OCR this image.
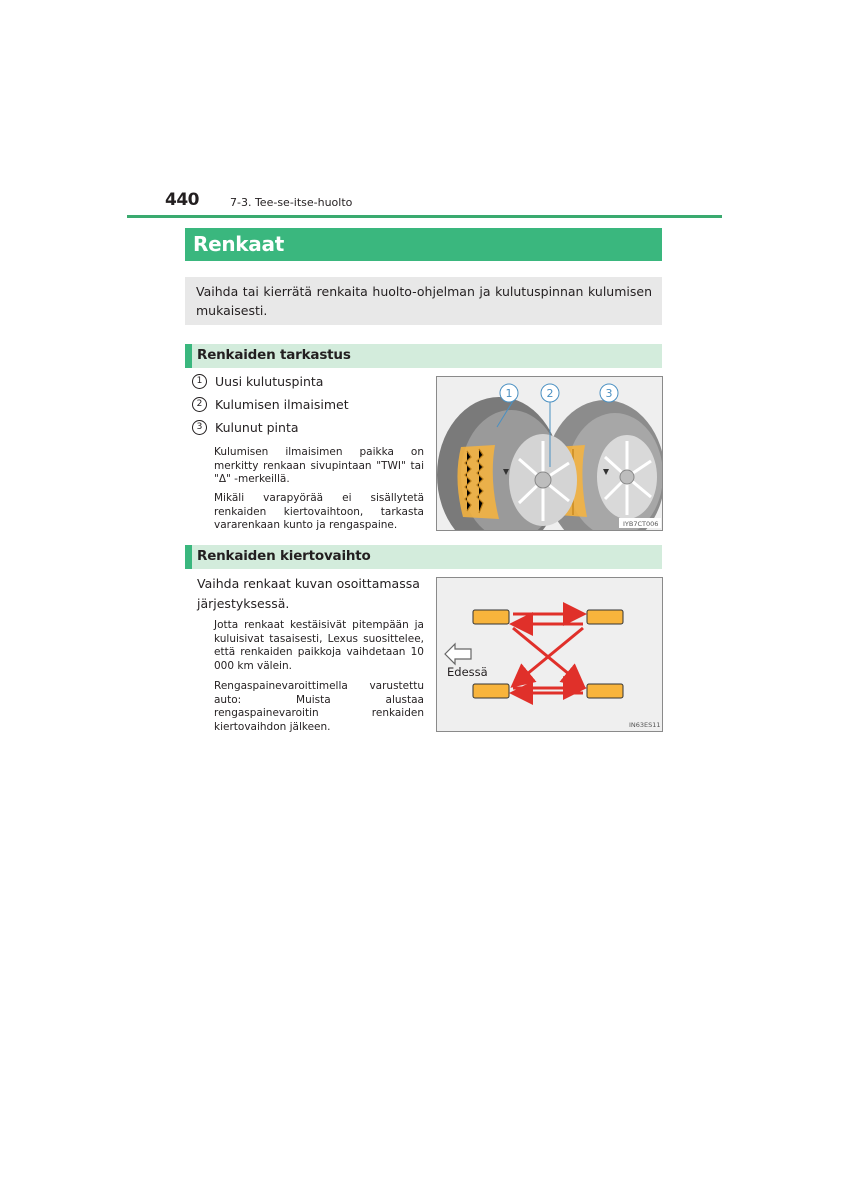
440	7-3. Tee-se-itse-huolto
Renkaat
Vaihda tai kierrätä renkaita huolto-ohjelman ja kulutuspinnan kulumisen mukaisesti.
Renkaiden tarkastus
1	Uusi kulutuspinta
2	Kulumisen ilmaisimet
3	Kulunut pinta
Kulumisen ilmaisimen paikka on merkitty renkaan sivupintaan "TWI" tai "Δ" -merkeillä.
Mikäli varapyörää ei sisällytetä renkaiden kiertovaihtoon, tarkasta vararenkaan kunto ja rengaspaine.
1	2	3
IYB7CT006
Renkaiden kiertovaihto
Vaihda renkaat kuvan osoittamassa järjestyksessä.
Jotta renkaat kestäisivät pitempään ja kuluisivat tasaisesti, Lexus suosittelee, että renkaiden paikkoja vaihdetaan 10 000 km välein.
Rengaspainevaroittimella varustettu auto: Muista alustaa rengaspainevaroitin renkaiden kiertovaihdon jälkeen.
Edessä
IN63ES11
